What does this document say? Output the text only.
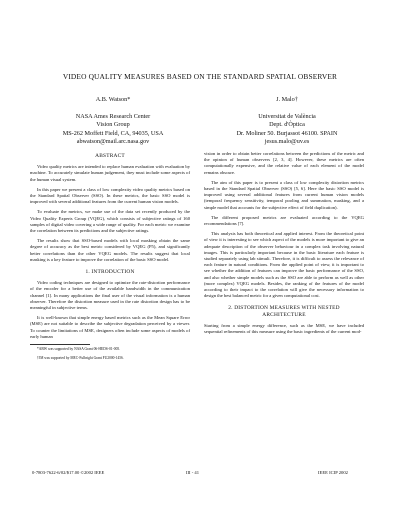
VIDEO QUALITY MEASURES BASED ON THE STANDARD SPATIAL OBSERVER
A.B. Watson*
NASA Ames Research Center
Vision Group
MS-262 Moffett Field, CA, 94035, USA
abwatson@mail.arc.nasa.gov
J. Malo†
Universitat de València
Dept. d'Òptica
Dr. Moliner 50. Burjassot 46100. SPAIN
jesus.malo@uv.es
ABSTRACT

Video quality metrics are intended to replace human evaluation with evaluation by machine. To accurately simulate human judgement, they must include some aspects of the human visual system.

In this paper we present a class of low complexity video quality metrics based on the Standard Spatial Observer (SSO). In these metrics, the basic SSO model is improved with several additional features from the current human vision models.

To evaluate the metrics, we make use of the data set recently produced by the Video Quality Experts Group (VQEG), which consists of subjective ratings of 160 samples of digital video covering a wide range of quality. For each metric we examine the correlation between its predictions and the subjective ratings.

The results show that SSO-based models with local masking obtain the same degree of accuracy as the best metric considered by VQEG (P5), and significantly better correlations than the other VQEG models. The results suggest that local masking is a key feature to improve the correlation of the basic SSO model.

1. INTRODUCTION

Video coding techniques are designed to optimize the rate-distortion performance of the encoder for a better use of the available bandwidth in the communication channel [1]. In many applications the final user of the visual information is a human observer. Therefore the distortion measure used in the rate distortion design has to be meaningful in subjective terms.

It is well-known that simple energy based metrics such as the Mean Square Error (MSE) are not suitable to describe the subjective degradation perceived by a viewer. To counter the limitations of MSE, designers often include some aspects of models of early human

*ABW was supported by NASA Grant 06-HEDS-01-005.

†JM was supported by MEC-Fulbright Grant FU2000-1456.

vision in order to obtain better correlations between the predictions of the metric and the opinion of human observers [2, 3, 4]. However, these metrics are often computationally expensive, and the relative value of each element of the model remains obscure.

The aim of this paper is to present a class of low complexity distortion metrics based in the Standard Spatial Observer (SSO) [5, 6]. Here the basic SSO model is improved using several additional features from current human vision models (temporal frequency sensitivity, temporal pooling and summation, masking, and a simple model that accounts for the subjective effect of field duplication).

The different proposed metrics are evaluated according to the VQEG recommendations [7].

This analysis has both theoretical and applied interest. From the theoretical point of view it is interesting to see which aspect of the models is more important to give an adequate description of the observer behaviour in a complex task involving natural images. This is particularly important because in the basic literature each feature is studied separately using lab stimuli. Therefore, it is difficult to assess the relevance of each feature in natural conditions. From the applied point of view, it is important to see whether the addition of features can improve the basic performance of the SSO, and also whether simple models such as the SSO are able to perform as well as other (more complex) VQEG models. Besides, the ranking of the features of the model according to their impact to the correlation will give the necessary information to design the best balanced metric for a given computational cost.

2. DISTORTION MEASURES WITH NESTED
ARCHITECTURE

Starting from a simple energy difference, such as the MSE, we have included sequential refinements of this measure using the basic ingredients of the current mod-

0-7803-7622-6/02/$17.00 ©2002 IEEE	III - 41	IEEE ICIP 2002
